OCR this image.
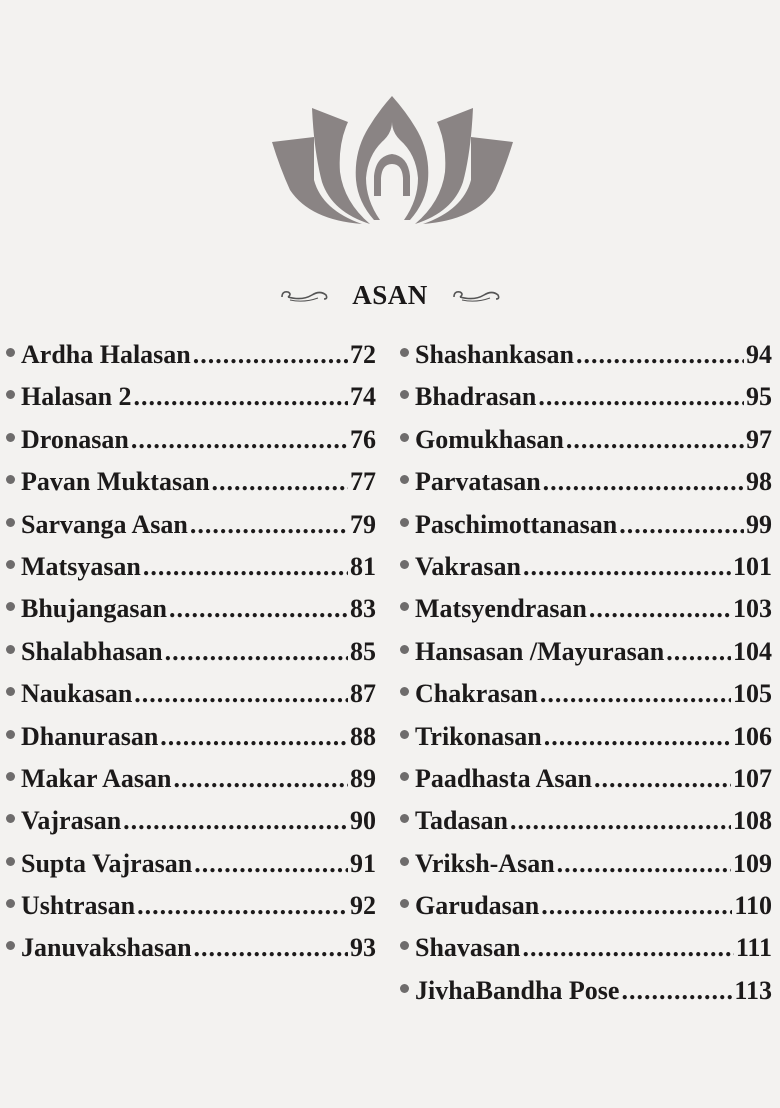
ASAN
Ardha Halasan .....	72
Halasan 2 .....	74
Dronasan .....	76
Pavan Muktasan .....	77
Sarvanga Asan .....	79
Matsyasan .....	81
Bhujangasan .....	83
Shalabhasan .....	85
Naukasan .....	87
Dhanurasan .....	88
Makar Aasan .....	89
Vajrasan .....	90
Supta Vajrasan .....	91
Ushtrasan .....	92
Januvakshasan .....	93
Shashankasan .....	94
Bhadrasan .....	95
Gomukhasan .....	97
Parvatasan .....	98
Paschimottanasan .....	99
Vakrasan .....	101
Matsyendrasan .....	103
Hansasan /Mayurasan .....	104
Chakrasan .....	105
Trikonasan .....	106
Paadhasta Asan .....	107
Tadasan .....	108
Vriksh-Asan .....	109
Garudasan .....	110
Shavasan .....	111
JivhaBandha Pose .....	113
